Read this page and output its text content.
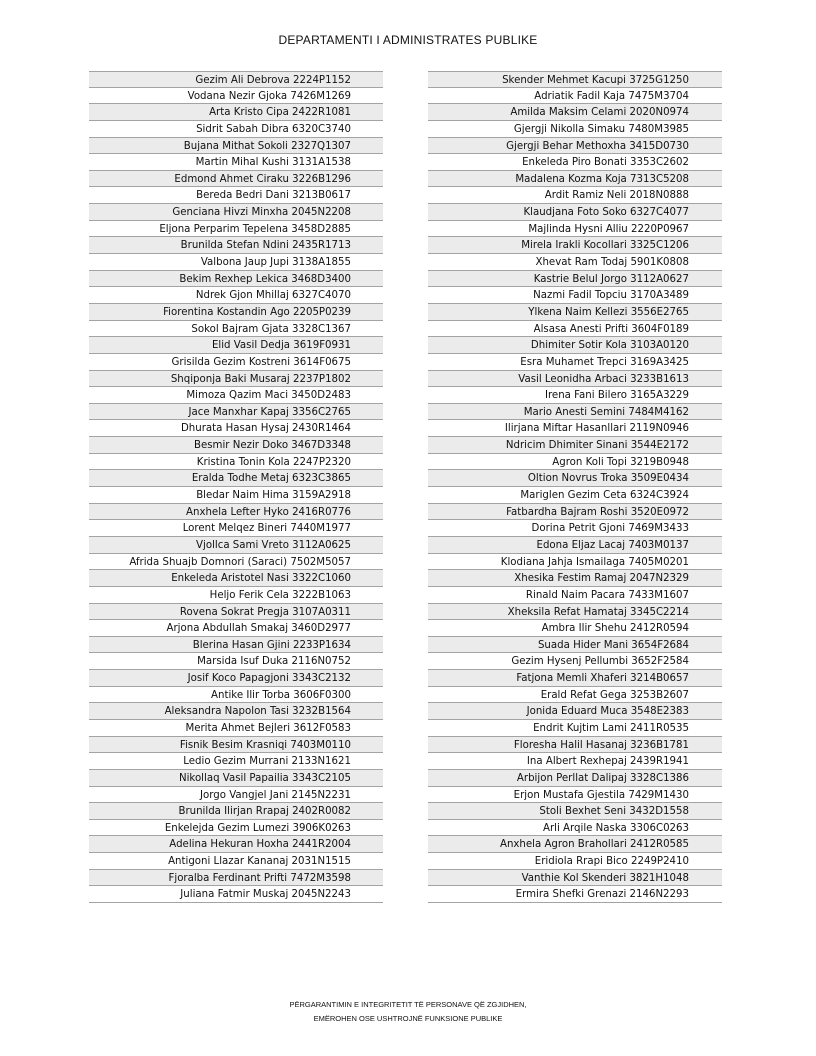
DEPARTAMENTI I ADMINISTRATES PUBLIKE
Gezim Ali Debrova 2224P1152
Vodana Nezir Gjoka 7426M1269
Arta Kristo Cipa 2422R1081
Sidrit Sabah Dibra 6320C3740
Bujana Mithat Sokoli 2327Q1307
Martin Mihal Kushi 3131A1538
Edmond Ahmet Ciraku 3226B1296
Bereda Bedri Dani 3213B0617
Genciana Hivzi Minxha 2045N2208
Eljona Perparim Tepelena 3458D2885
Brunilda Stefan Ndini 2435R1713
Valbona Jaup Jupi 3138A1855
Bekim Rexhep Lekica 3468D3400
Ndrek Gjon Mhillaj 6327C4070
Fiorentina Kostandin Ago 2205P0239
Sokol Bajram Gjata 3328C1367
Elid Vasil Dedja 3619F0931
Grisilda Gezim Kostreni 3614F0675
Shqiponja Baki Musaraj 2237P1802
Mimoza Qazim Maci 3450D2483
Jace Manxhar Kapaj 3356C2765
Dhurata Hasan Hysaj 2430R1464
Besmir Nezir Doko 3467D3348
Kristina Tonin Kola 2247P2320
Eralda Todhe Metaj 6323C3865
Bledar Naim Hima 3159A2918
Anxhela Lefter Hyko 2416R0776
Lorent Melqez Bineri 7440M1977
Vjollca Sami Vreto 3112A0625
Afrida Shuajb Domnori (Saraci) 7502M5057
Enkeleda Aristotel Nasi 3322C1060
Heljo Ferik Cela 3222B1063
Rovena Sokrat Pregja 3107A0311
Arjona Abdullah Smakaj 3460D2977
Blerina Hasan Gjini 2233P1634
Marsida Isuf Duka 2116N0752
Josif Koco Papagjoni 3343C2132
Antike Ilir Torba 3606F0300
Aleksandra Napolon Tasi 3232B1564
Merita Ahmet Bejleri 3612F0583
Fisnik Besim Krasniqi 7403M0110
Ledio Gezim Murrani 2133N1621
Nikollaq Vasil Papailia 3343C2105
Jorgo Vangjel Jani 2145N2231
Brunilda Ilirjan Rrapaj 2402R0082
Enkelejda Gezim Lumezi 3906K0263
Adelina Hekuran Hoxha 2441R2004
Antigoni Llazar Kananaj 2031N1515
Fjoralba Ferdinant Prifti 7472M3598
Juliana Fatmir Muskaj 2045N2243
Skender Mehmet Kacupi 3725G1250
Adriatik Fadil Kaja 7475M3704
Amilda Maksim Celami 2020N0974
Gjergji Nikolla Simaku 7480M3985
Gjergji Behar Methoxha 3415D0730
Enkeleda Piro Bonati 3353C2602
Madalena Kozma Koja 7313C5208
Ardit Ramiz Neli 2018N0888
Klaudjana Foto Soko 6327C4077
Majlinda Hysni Alliu 2220P0967
Mirela Irakli Kocollari 3325C1206
Xhevat Ram Todaj 5901K0808
Kastrie Belul Jorgo 3112A0627
Nazmi Fadil Topciu 3170A3489
Ylkena Naim Kellezi 3556E2765
Alsasa Anesti Prifti 3604F0189
Dhimiter Sotir Kola 3103A0120
Esra Muhamet Trepci 3169A3425
Vasil Leonidha Arbaci 3233B1613
Irena Fani Bilero 3165A3229
Mario Anesti Semini 7484M4162
Ilirjana Miftar Hasanllari 2119N0946
Ndricim Dhimiter Sinani 3544E2172
Agron Koli Topi 3219B0948
Oltion Novrus Troka 3509E0434
Mariglen Gezim Ceta 6324C3924
Fatbardha Bajram Roshi 3520E0972
Dorina Petrit Gjoni 7469M3433
Edona Eljaz Lacaj 7403M0137
Klodiana Jahja Ismailaga 7405M0201
Xhesika Festim Ramaj 2047N2329
Rinald Naim Pacara 7433M1607
Xheksila Refat Hamataj 3345C2214
Ambra Ilir Shehu 2412R0594
Suada Hider Mani 3654F2684
Gezim Hysenj Pellumbi 3652F2584
Fatjona Memli Xhaferi 3214B0657
Erald Refat Gega 3253B2607
Jonida Eduard Muca 3548E2383
Endrit Kujtim Lami 2411R0535
Floresha Halil Hasanaj 3236B1781
Ina Albert Rexhepaj 2439R1941
Arbijon Perllat Dalipaj 3328C1386
Erjon Mustafa Gjestila 7429M1430
Stoli Bexhet Seni 3432D1558
Arli Arqile Naska 3306C0263
Anxhela Agron Brahollari 2412R0585
Eridiola Rrapi Bico 2249P2410
Vanthie Kol Skenderi 3821H1048
Ermira Shefki Grenazi 2146N2293
PËRGARANTIMIN E INTEGRITETIT TË PERSONAVE QË ZGJIDHEN,
EMËROHEN OSE USHTROJNË FUNKSIONE PUBLIKE
